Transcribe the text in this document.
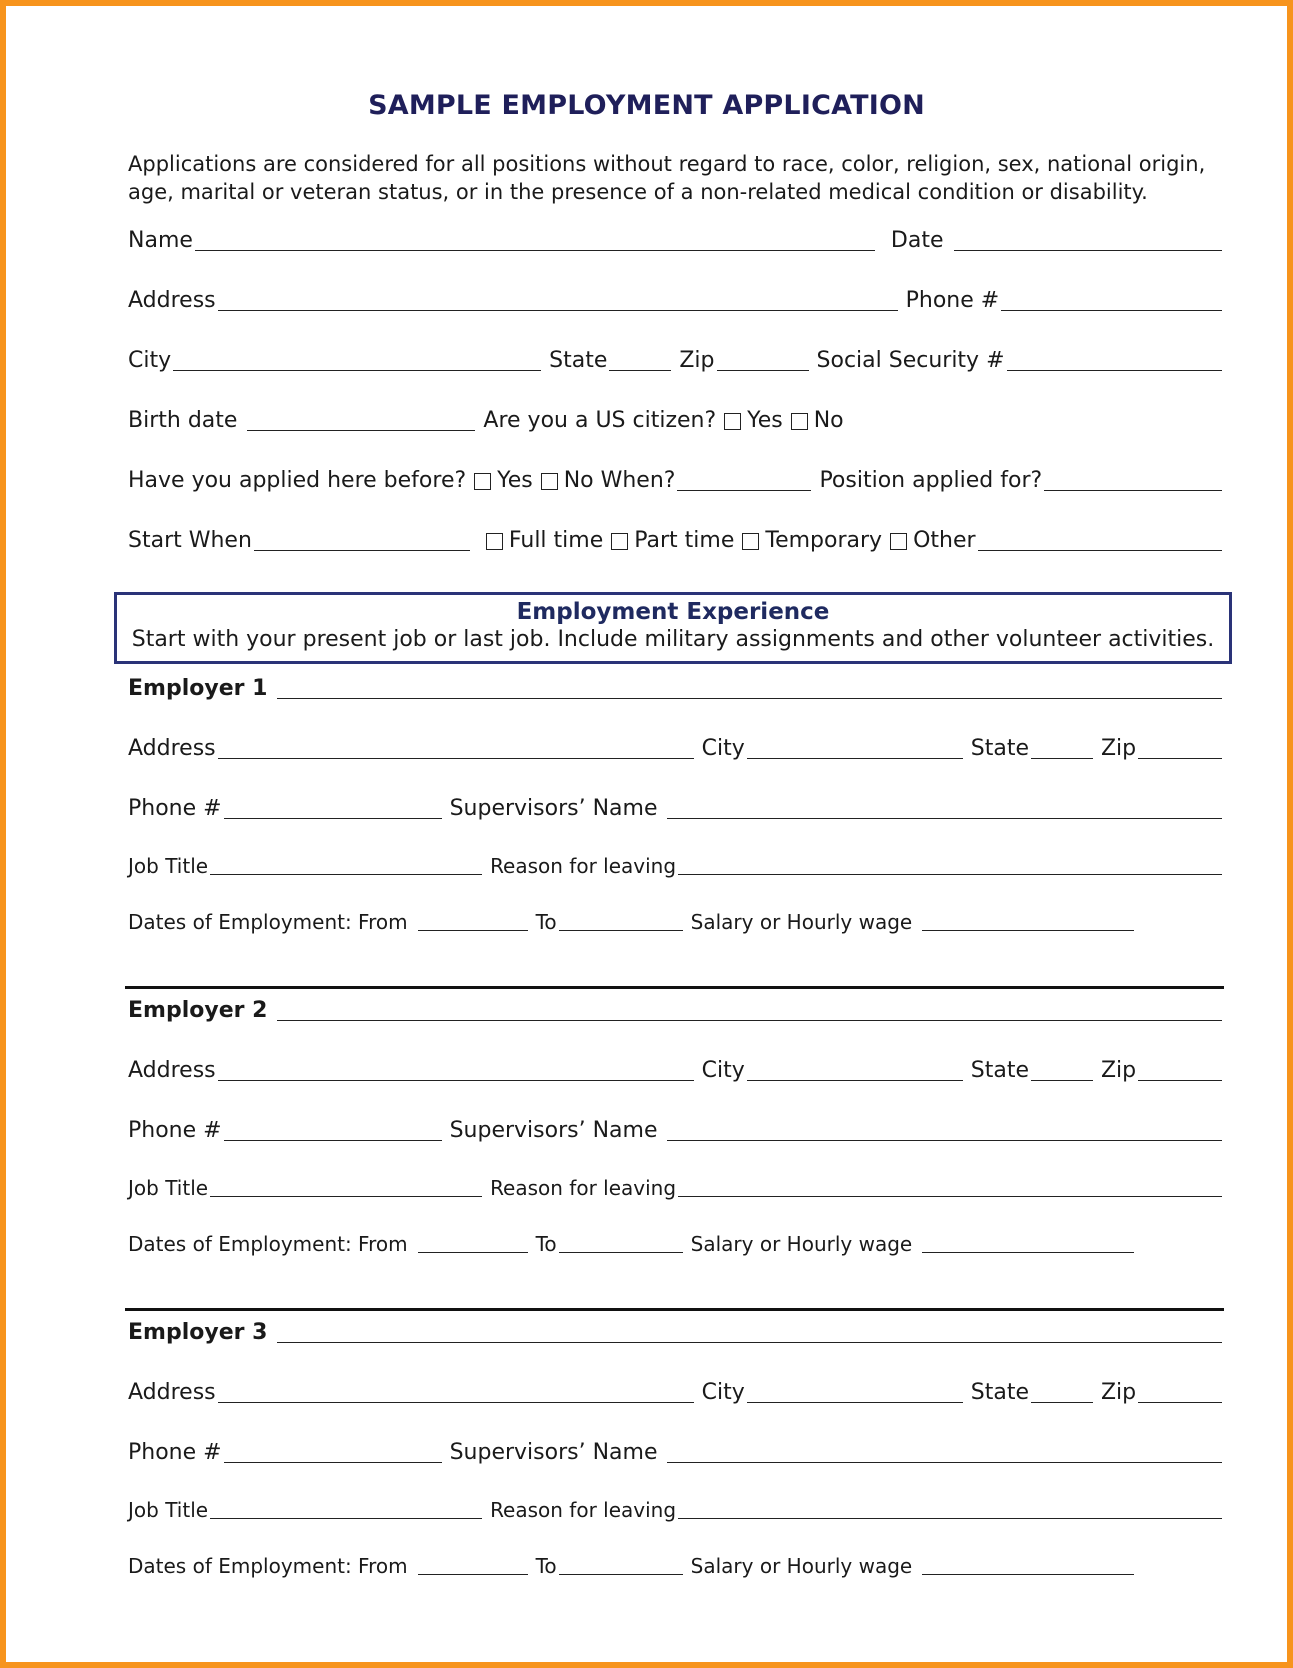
SAMPLE EMPLOYMENT APPLICATION
Applications are considered for all positions without regard to race, color, religion, sex, national origin, age, marital or veteran status, or in the presence of a non-related medical condition or disability.
Name	Date
Address	Phone #
City	State	Zip	Social Security #
Birth date	Are you a US citizen? Yes No
Have you applied here before? Yes No When?	Position applied for?
Start When	Full time Part time Temporary Other
Employment Experience
Start with your present job or last job. Include military assignments and other volunteer activities.
Employer 1
Address	City	State	Zip
Phone #	Supervisors’ Name
Job Title	Reason for leaving
Dates of Employment: From	To	Salary or Hourly wage
Employer 2
Address	City	State	Zip
Phone #	Supervisors’ Name
Job Title	Reason for leaving
Dates of Employment: From	To	Salary or Hourly wage
Employer 3
Address	City	State	Zip
Phone #	Supervisors’ Name
Job Title	Reason for leaving
Dates of Employment: From	To	Salary or Hourly wage
